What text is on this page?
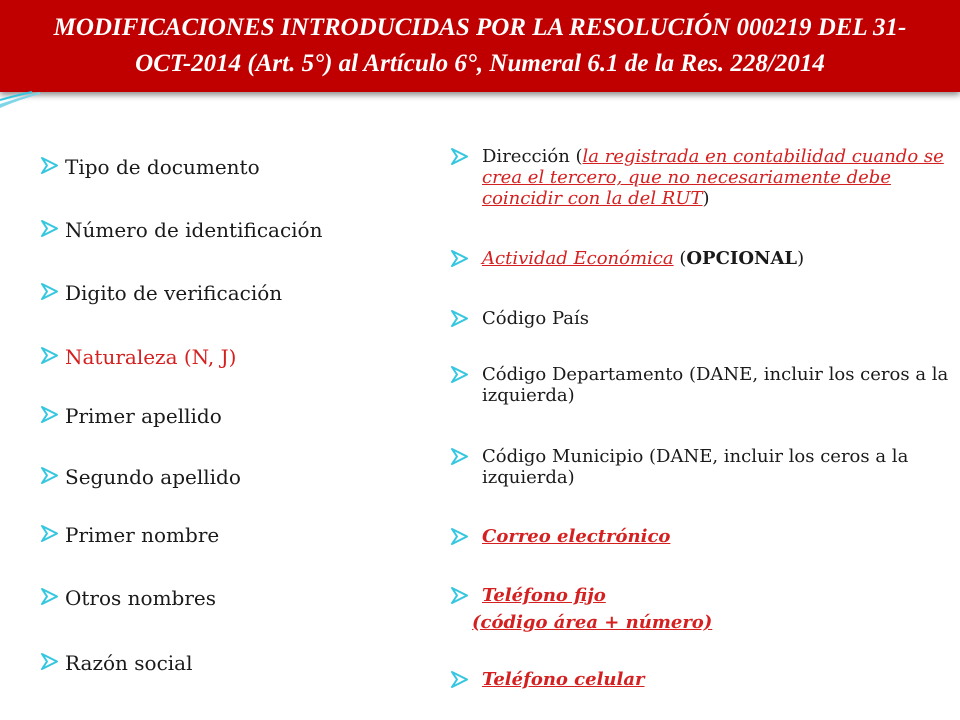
MODIFICACIONES INTRODUCIDAS POR LA RESOLUCIÓN 000219 DEL 31-
OCT-2014 (Art. 5°) al Artículo 6°, Numeral 6.1 de la Res. 228/2014
Tipo de documento
Número de identificación
Digito de verificación
Naturaleza (N, J)
Primer apellido
Segundo apellido
Primer nombre
Otros nombres
Razón social
Dirección (la registrada en contabilidad cuando se crea el tercero, que no necesariamente debe coincidir con la del RUT)
Actividad Económica (OPCIONAL)
Código País
Código Departamento (DANE, incluir los ceros a la izquierda)
Código Municipio (DANE, incluir los ceros a la izquierda)
Correo electrónico
Teléfono fijo
(código área + número)
Teléfono celular
